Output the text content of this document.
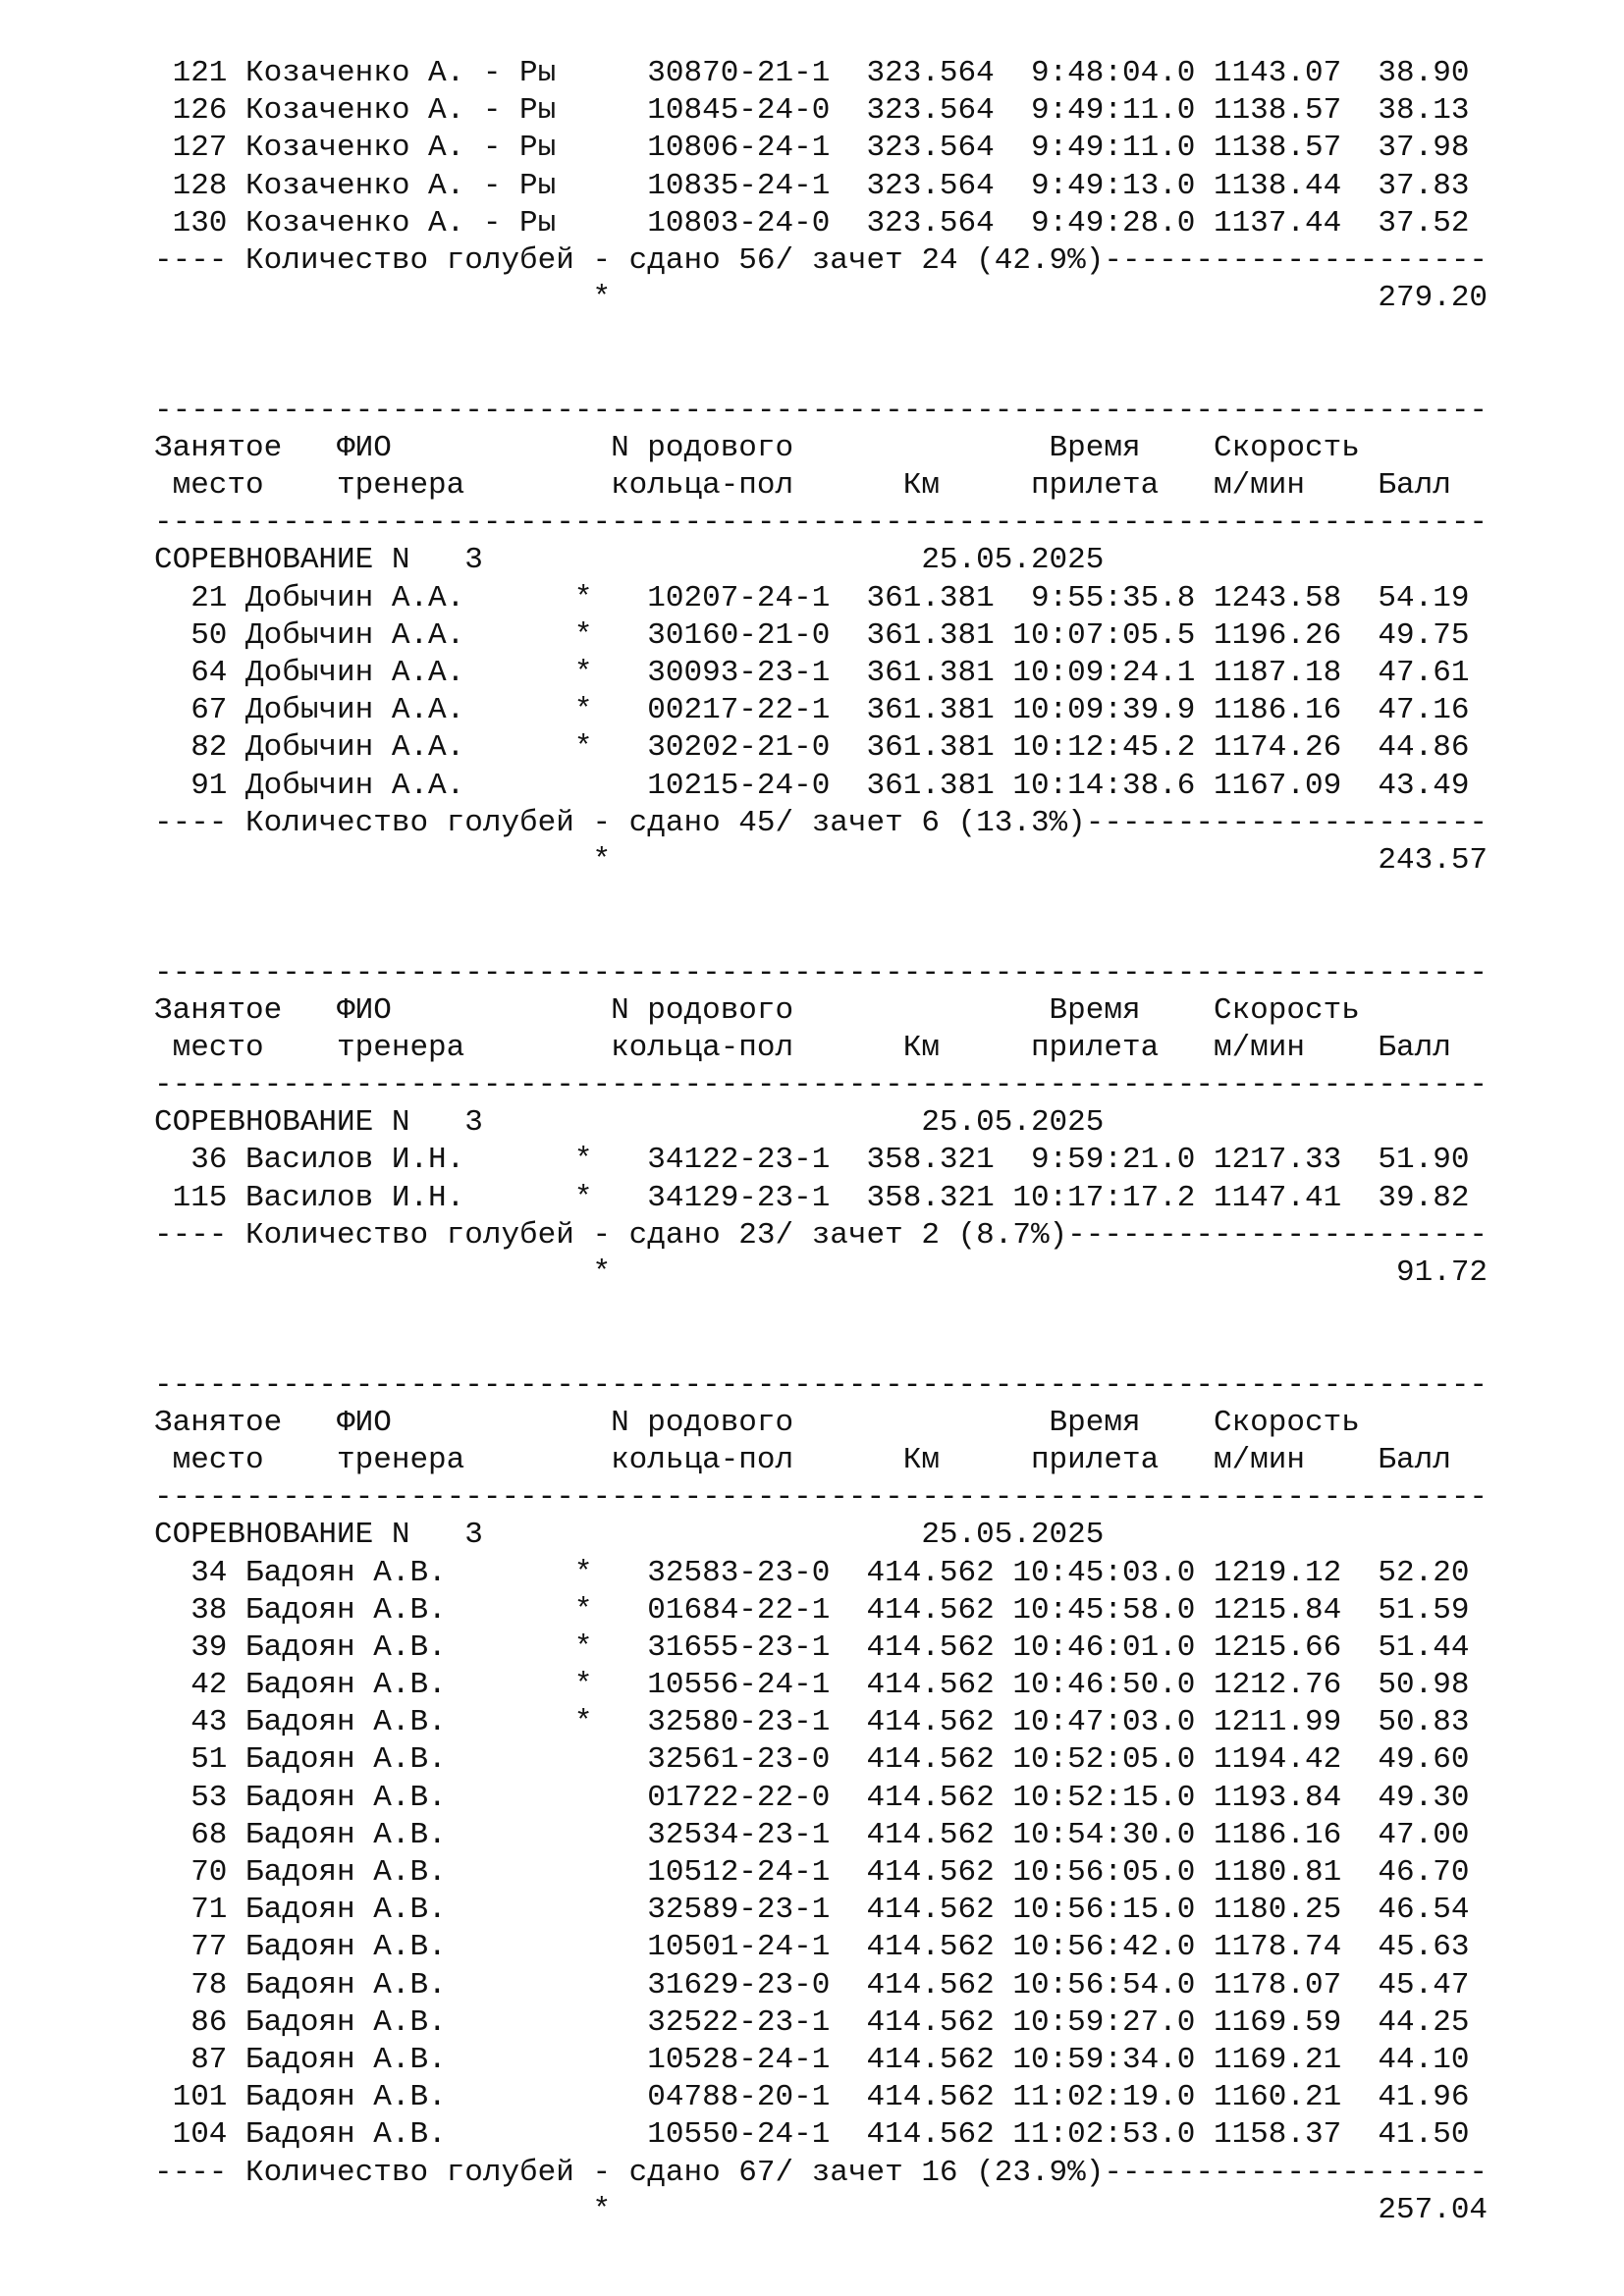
121 Козаченко А. - Ры     30870-21-1  323.564  9:48:04.0 1143.07  38.90
126 Козаченко А. - Ры     10845-24-0  323.564  9:49:11.0 1138.57  38.13
127 Козаченко А. - Ры     10806-24-1  323.564  9:49:11.0 1138.57  37.98
128 Козаченко А. - Ры     10835-24-1  323.564  9:49:13.0 1138.44  37.83
130 Козаченко А. - Ры     10803-24-0  323.564  9:49:28.0 1137.44  37.52
---- Количество голубей - сдано 56/ зачет 24 (42.9%)---------------------
*                                          279.20
-------------------------------------------------------------------------
Занятое   ФИО            N родового              Время    Скорость
место    тренера        кольца-пол      Км     прилета   м/мин    Балл
-------------------------------------------------------------------------
СОРЕВНОВАНИЕ N   3                        25.05.2025
21 Добычин А.А.      *   10207-24-1  361.381  9:55:35.8 1243.58  54.19
50 Добычин А.А.      *   30160-21-0  361.381 10:07:05.5 1196.26  49.75
64 Добычин А.А.      *   30093-23-1  361.381 10:09:24.1 1187.18  47.61
67 Добычин А.А.      *   00217-22-1  361.381 10:09:39.9 1186.16  47.16
82 Добычин А.А.      *   30202-21-0  361.381 10:12:45.2 1174.26  44.86
91 Добычин А.А.          10215-24-0  361.381 10:14:38.6 1167.09  43.49
---- Количество голубей - сдано 45/ зачет 6 (13.3%)----------------------
*                                          243.57
-------------------------------------------------------------------------
Занятое   ФИО            N родового              Время    Скорость
место    тренера        кольца-пол      Км     прилета   м/мин    Балл
-------------------------------------------------------------------------
СОРЕВНОВАНИЕ N   3                        25.05.2025
36 Василов И.Н.      *   34122-23-1  358.321  9:59:21.0 1217.33  51.90
115 Василов И.Н.      *   34129-23-1  358.321 10:17:17.2 1147.41  39.82
---- Количество голубей - сдано 23/ зачет 2 (8.7%)-----------------------
*                                           91.72
-------------------------------------------------------------------------
Занятое   ФИО            N родового              Время    Скорость
место    тренера        кольца-пол      Км     прилета   м/мин    Балл
-------------------------------------------------------------------------
СОРЕВНОВАНИЕ N   3                        25.05.2025
34 Бадоян А.В.       *   32583-23-0  414.562 10:45:03.0 1219.12  52.20
38 Бадоян А.В.       *   01684-22-1  414.562 10:45:58.0 1215.84  51.59
39 Бадоян А.В.       *   31655-23-1  414.562 10:46:01.0 1215.66  51.44
42 Бадоян А.В.       *   10556-24-1  414.562 10:46:50.0 1212.76  50.98
43 Бадоян А.В.       *   32580-23-1  414.562 10:47:03.0 1211.99  50.83
51 Бадоян А.В.           32561-23-0  414.562 10:52:05.0 1194.42  49.60
53 Бадоян А.В.           01722-22-0  414.562 10:52:15.0 1193.84  49.30
68 Бадоян А.В.           32534-23-1  414.562 10:54:30.0 1186.16  47.00
70 Бадоян А.В.           10512-24-1  414.562 10:56:05.0 1180.81  46.70
71 Бадоян А.В.           32589-23-1  414.562 10:56:15.0 1180.25  46.54
77 Бадоян А.В.           10501-24-1  414.562 10:56:42.0 1178.74  45.63
78 Бадоян А.В.           31629-23-0  414.562 10:56:54.0 1178.07  45.47
86 Бадоян А.В.           32522-23-1  414.562 10:59:27.0 1169.59  44.25
87 Бадоян А.В.           10528-24-1  414.562 10:59:34.0 1169.21  44.10
101 Бадоян А.В.           04788-20-1  414.562 11:02:19.0 1160.21  41.96
104 Бадоян А.В.           10550-24-1  414.562 11:02:53.0 1158.37  41.50
---- Количество голубей - сдано 67/ зачет 16 (23.9%)---------------------
*                                          257.04
